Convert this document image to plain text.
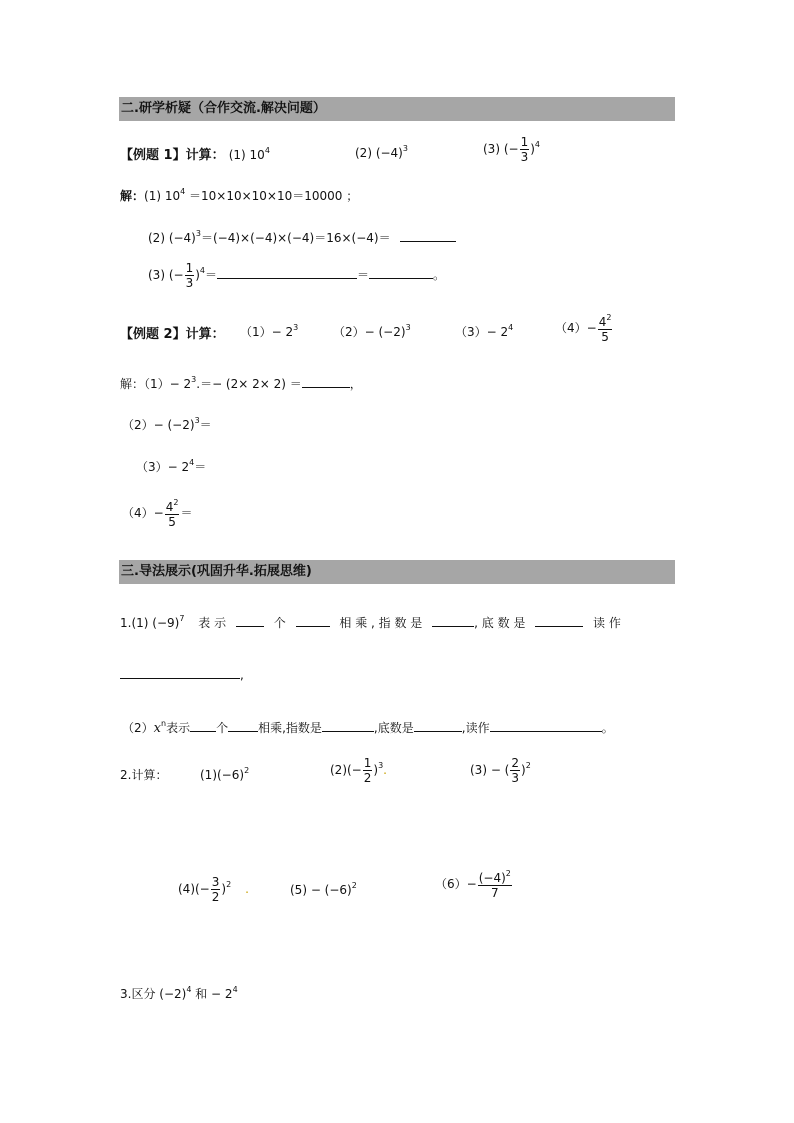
二.研学析疑（合作交流.解决问题）
【例题 1】计算： (1) $10^4$	(2) $(-4)^3$	(3) (− $\frac{1}{3} )^4$
解：(1) $10^4 =10\times 10\times 10\times 10=10000$ ；
(2) $(-4)^3=(-4)\times(-4)\times(-4)=16\times(-4)=$
(3) (− $\frac{1}{3} )^4=$	＝	。
【例题 2】计算： $(1)- 2^3$	$(2)- (-2)^3$	$(3)- 2^4$	$(4)- \frac{4^2}{5}$
解：$(1)- 2^3.=- (2\times 2\times 2)$ ＝	，
$(2)- (-2)^3=$
$(3)- 2^4=$
$(4)- \frac{4^2}{5}$ ＝
三.导法展示(巩固升华.拓展思维)
1.(1) $(-9)^7$ 表 示	个	相 乘 , 指 数 是	, 底 数 是	读 作
,
$(2)x^n$表示 个	相乘,指数是	,底数是	,读作	。
2.计算：	$(1)(-6)^2$	$(2)(- \frac{1}{2} )^3$.	(3) − ( $\frac{2}{3} )^2$
$(4)(- \frac{3}{2} )^2$ .	$(5) - (-6)^2$	$(6)- \frac{(-4)^2}{7}$
3.区分 $(-2)^4$ 和 − $2^4$
